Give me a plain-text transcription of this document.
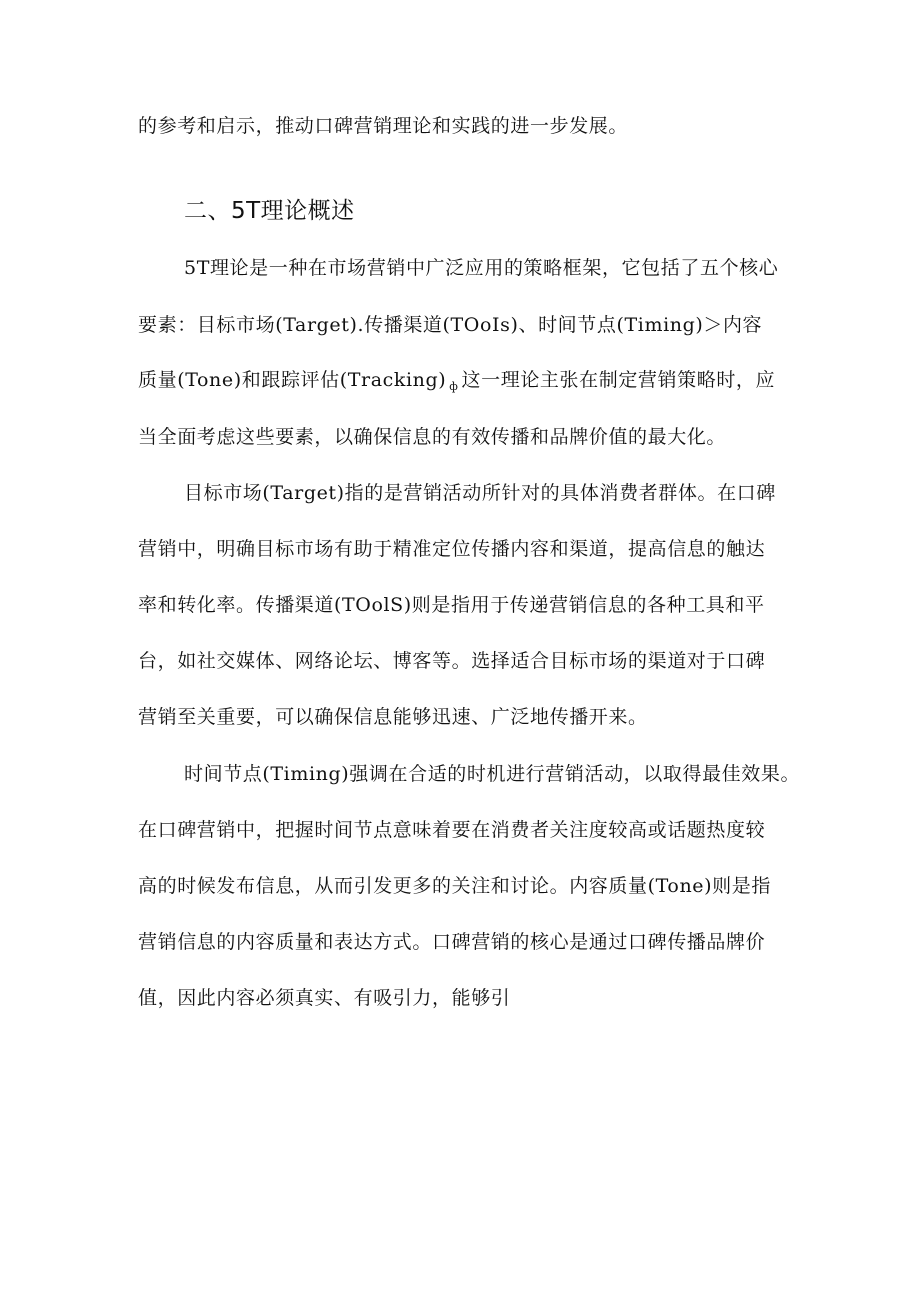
的参考和启示，推动口碑营销理论和实践的进一步发展。
二、5T理论概述
5T理论是一种在市场营销中广泛应用的策略框架，它包括了五个核心
要素：目标市场(Target).传播渠道(TOoIs)、时间节点(Timing)＞内容
质量(Tone)和跟踪评估(Tracking) $_ф$ 这一理论主张在制定营销策略时，应
当全面考虑这些要素，以确保信息的有效传播和品牌价值的最大化。
目标市场(Target)指的是营销活动所针对的具体消费者群体。在口碑
营销中，明确目标市场有助于精准定位传播内容和渠道，提高信息的触达
率和转化率。传播渠道(TOolS)则是指用于传递营销信息的各种工具和平
台，如社交媒体、网络论坛、博客等。选择适合目标市场的渠道对于口碑
营销至关重要，可以确保信息能够迅速、广泛地传播开来。
时间节点(Timing)强调在合适的时机进行营销活动，以取得最佳效果。
在口碑营销中，把握时间节点意味着要在消费者关注度较高或话题热度较
高的时候发布信息，从而引发更多的关注和讨论。内容质量(Tone)则是指
营销信息的内容质量和表达方式。口碑营销的核心是通过口碑传播品牌价
值，因此内容必须真实、有吸引力，能够引
